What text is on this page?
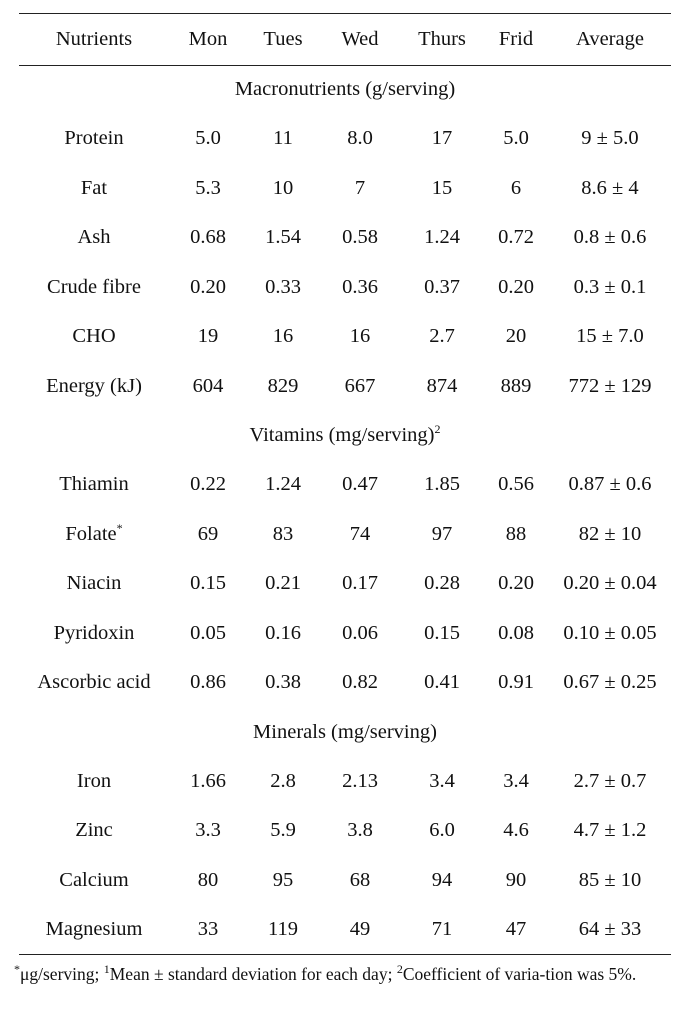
Nutrients	Mon	Tues	Wed	Thurs	Frid	Average
Macronutrients (g/serving)						
Protein	5.0	11	8.0	17	5.0	9 ± 5.0
Fat	5.3	10	7	15	6	8.6 ± 4
Ash	0.68	1.54	0.58	1.24	0.72	0.8 ± 0.6
Crude fibre	0.20	0.33	0.36	0.37	0.20	0.3 ± 0.1
CHO	19	16	16	2.7	20	15 ± 7.0
Energy (kJ)	604	829	667	874	889	772 ± 129
Vitamins (mg/serving)$^2$
Thiamin	0.22	1.24	0.47	1.85	0.56	0.87 ± 0.6
Folate*	69	83	74	97	88	82 ± 10
Niacin	0.15	0.21	0.17	0.28	0.20	0.20 ± 0.04
Pyridoxin	0.05	0.16	0.06	0.15	0.08	0.10 ± 0.05
Ascorbic acid	0.86	0.38	0.82	0.41	0.91	0.67 ± 0.25
Minerals (mg/serving)						
Iron	1.66	2.8	2.13	3.4	3.4	2.7 ± 0.7
Zinc	3.3	5.9	3.8	6.0	4.6	4.7 ± 1.2
Calcium	80	95	68	94	90	85 ± 10
Magnesium	33	119	49	71	47	64 ± 33
*μg/serving; $^1$Mean ± standard deviation for each day; $^2$Coefficient of varia-tion was 5%.
